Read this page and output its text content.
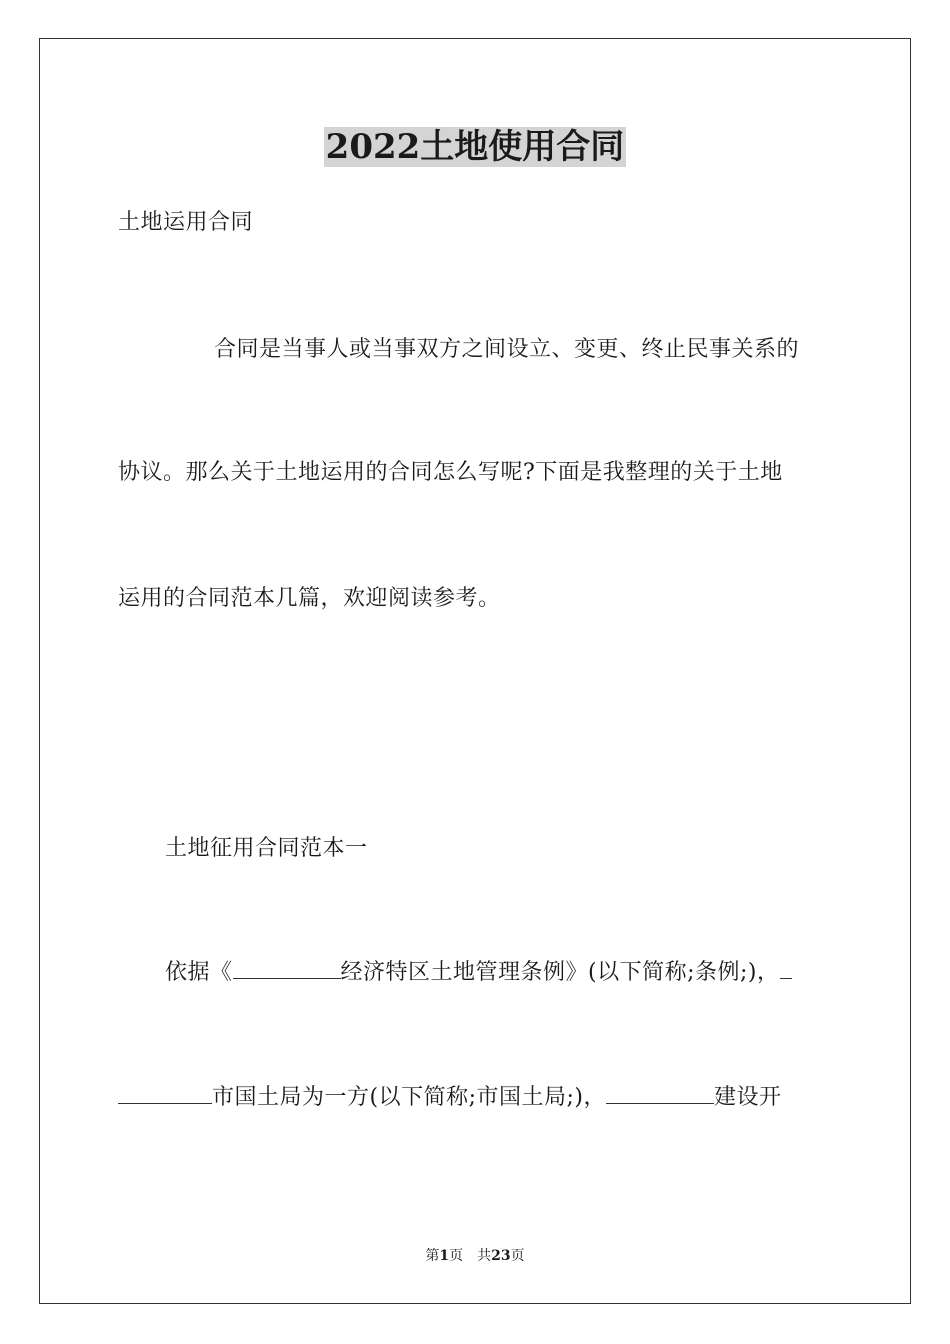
2022土地使用合同
土地运用合同
合同是当事人或当事双方之间设立、变更、终止民事关系的
协议。那么关于土地运用的合同怎么写呢?下面是我整理的关于土地
运用的合同范本几篇，欢迎阅读参考。
土地征用合同范本一
依据《	经济特区土地管理条例》(以下简称;条例;)，
市国土局为一方(以下简称;市国土局;)，	建设开
第1页 共23页
